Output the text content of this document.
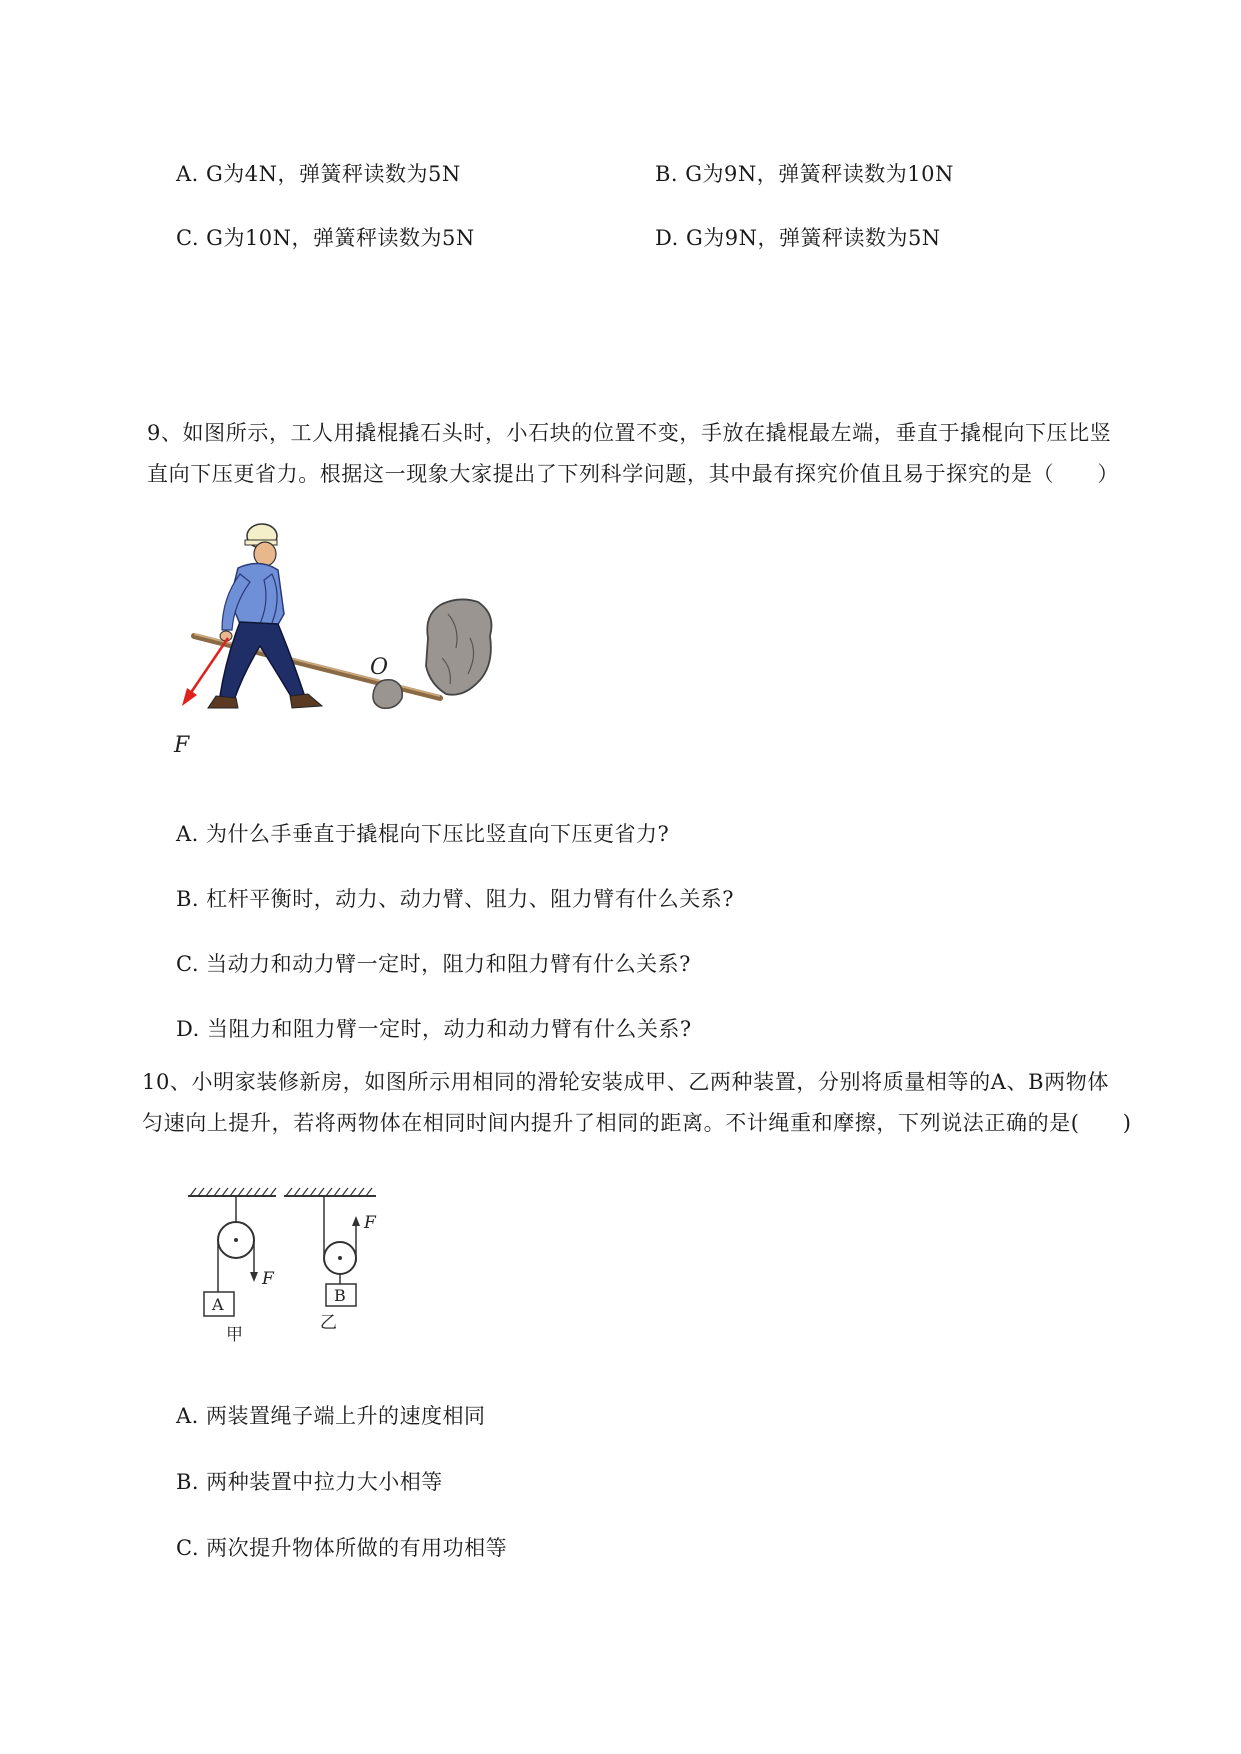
A. G为4N，弹簧秤读数为5N	B. G为9N，弹簧秤读数为10N
C. G为10N，弹簧秤读数为5N	D. G为9N，弹簧秤读数为5N
9、如图所示，工人用撬棍撬石头时，小石块的位置不变，手放在撬棍最左端，垂直于撬棍向下压比竖
直向下压更省力。根据这一现象大家提出了下列科学问题，其中最有探究价值且易于探究的是（　　）
F
O
A. 为什么手垂直于撬棍向下压比竖直向下压更省力?
B. 杠杆平衡时，动力、动力臂、阻力、阻力臂有什么关系?
C. 当动力和动力臂一定时，阻力和阻力臂有什么关系?
D. 当阻力和阻力臂一定时，动力和动力臂有什么关系?
10、小明家装修新房，如图所示用相同的滑轮安装成甲、乙两种装置，分别将质量相等的A、B两物体
匀速向上提升，若将两物体在相同时间内提升了相同的距离。不计绳重和摩擦，下列说法正确的是(　　)
F
A
甲
F
B
乙
A. 两装置绳子端上升的速度相同
B. 两种装置中拉力大小相等
C. 两次提升物体所做的有用功相等
